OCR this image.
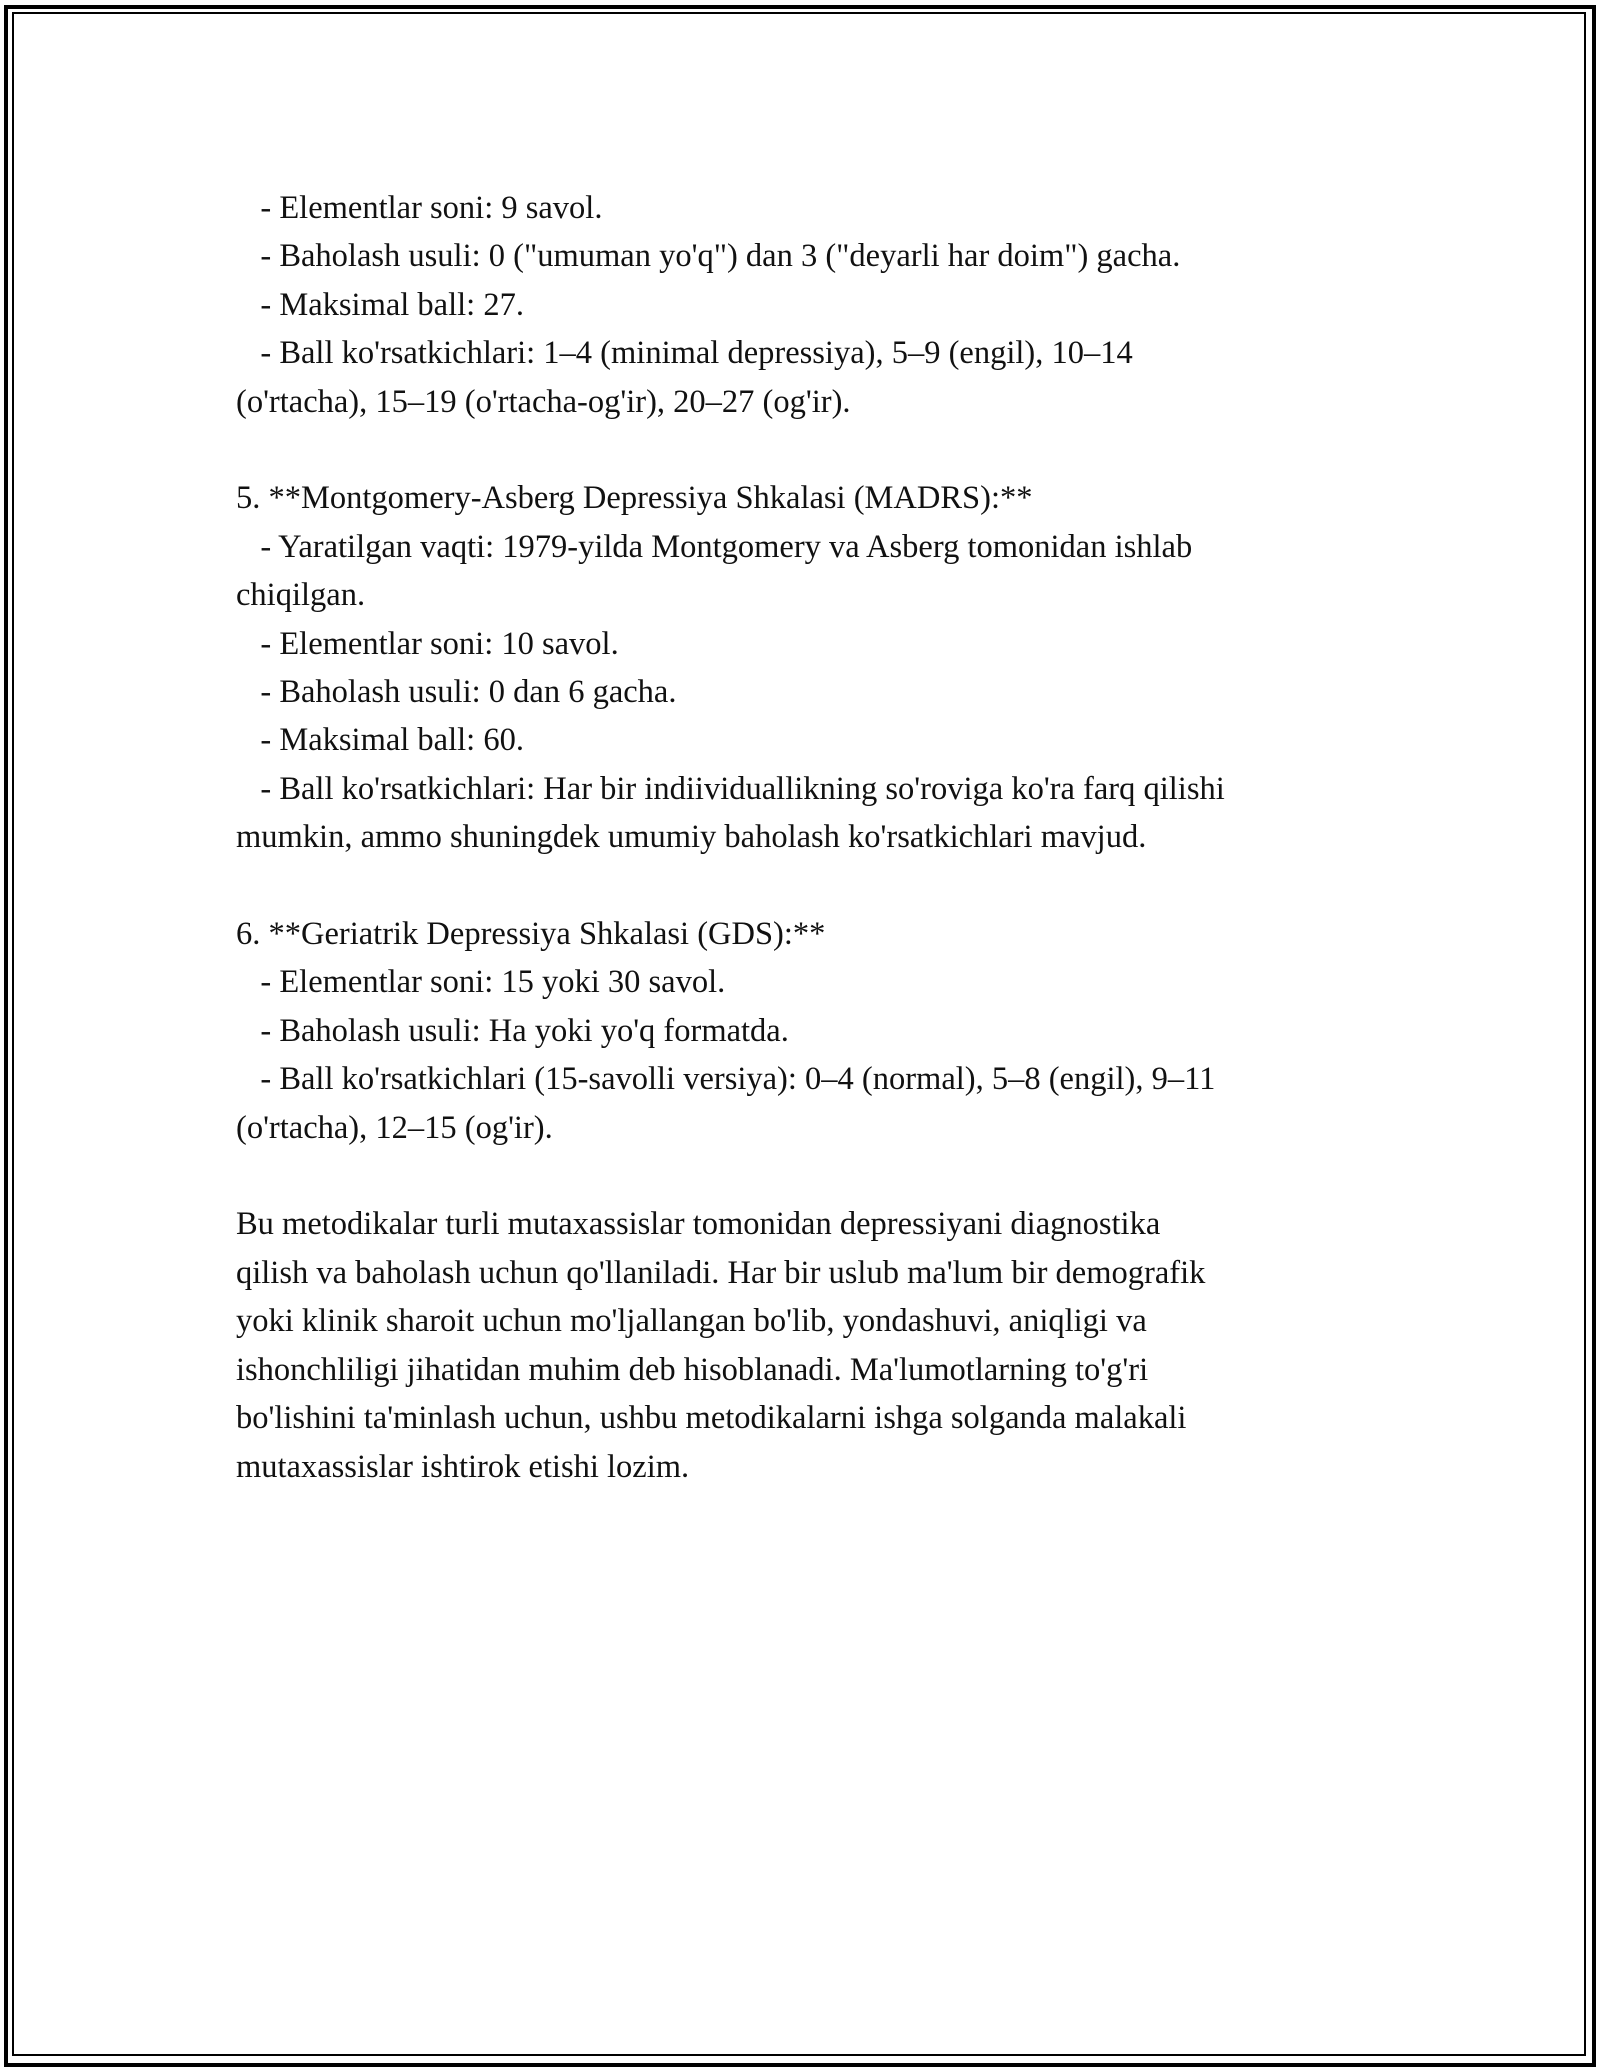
- Elementlar soni: 9 savol.
- Baholash usuli: 0 ("umuman yo'q") dan 3 ("deyarli har doim") gacha.
- Maksimal ball: 27.
- Ball ko'rsatkichlari: 1–4 (minimal depressiya), 5–9 (engil), 10–14
(o'rtacha), 15–19 (o'rtacha-og'ir), 20–27 (og'ir).
5. **Montgomery-Asberg Depressiya Shkalasi (MADRS):**
- Yaratilgan vaqti: 1979-yilda Montgomery va Asberg tomonidan ishlab
chiqilgan.
- Elementlar soni: 10 savol.
- Baholash usuli: 0 dan 6 gacha.
- Maksimal ball: 60.
- Ball ko'rsatkichlari: Har bir indiividuallikning so'roviga ko'ra farq qilishi
mumkin, ammo shuningdek umumiy baholash ko'rsatkichlari mavjud.
6. **Geriatrik Depressiya Shkalasi (GDS):**
- Elementlar soni: 15 yoki 30 savol.
- Baholash usuli: Ha yoki yo'q formatda.
- Ball ko'rsatkichlari (15-savolli versiya): 0–4 (normal), 5–8 (engil), 9–11
(o'rtacha), 12–15 (og'ir).
Bu metodikalar turli mutaxassislar tomonidan depressiyani diagnostika
qilish va baholash uchun qo'llaniladi. Har bir uslub ma'lum bir demografik
yoki klinik sharoit uchun mo'ljallangan bo'lib, yondashuvi, aniqligi va
ishonchliligi jihatidan muhim deb hisoblanadi. Ma'lumotlarning to'g'ri
bo'lishini ta'minlash uchun, ushbu metodikalarni ishga solganda malakali
mutaxassislar ishtirok etishi lozim.
